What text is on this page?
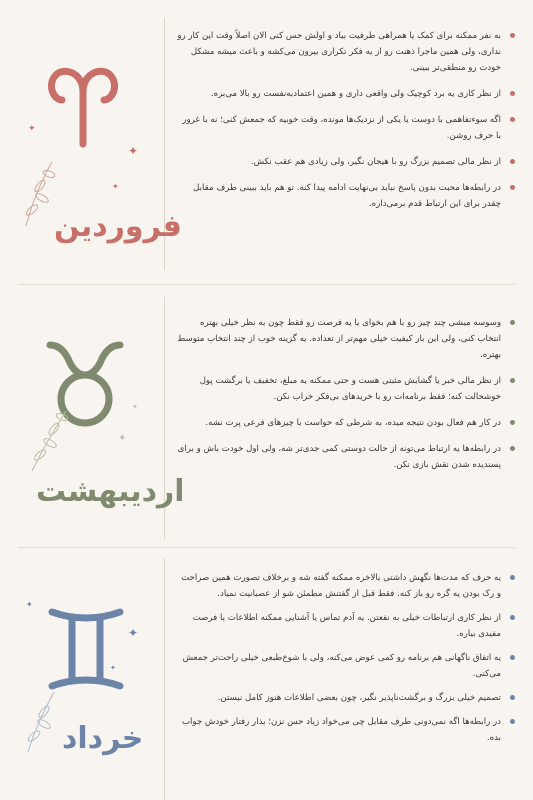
✦
✦
✦
فروردین
به نفر ممکنه برای کمک یا همراهی طرفیت بیاد و اولش حس کنی الان اصلاً وقت این کار رو نداری، ولی همین ماجرا ذهنت رو از یه فکر تکراری بیرون می‌کشه و باعث میشه مشکل خودت رو منطقی‌تر ببینی.
از نظر کاری یه برد کوچیک ولی واقعی داری و همین اعتمادبه‌نفست رو بالا می‌بره.
اگه سوءتفاهمی با دوست یا یکی از نزدیک‌ها مونده، وقت خوبیه که جمعش کنی؛ نه با غرور با حرف روشن.
از نظر مالی تصمیم بزرگ رو با هیجان نگیر، ولی زیادی هم عقب نکش.
در رابطه‌ها محبت بدون پاسخ نباید بی‌نهایت ادامه پیدا کنه. تو هم باید ببینی طرف مقابل چقدر برای این ارتباط قدم برمی‌داره.
✦
✦
اردیبهشت
وسوسه میشی چند چیز رو با هم بخوای یا یه فرصت رو فقط چون به نظر خیلی بهتره انتخاب کنی، ولی این بار کیفیت خیلی مهم‌تر از تعداده. یه گزینه خوب از چند انتخاب متوسط بهتره.
از نظر مالی خبر یا گشایش مثبتی هست و حتی ممکنه یه مبلغ، تخفیف یا برگشت پول خوشحالت کنه؛ فقط برنامه‌ات رو با خریدهای بی‌فکر خراب نکن.
در کار هم فعال بودن نتیجه میده، به شرطی که حواست با چیزهای فرعی پرت نشه.
در رابطه‌ها یه ارتباط می‌تونه از حالت دوستی کمی جدی‌تر شه، ولی اول خودت باش و برای پسندیده شدن نقش بازی نکن.
✦
✦
✦
خرداد
یه حرف که مدت‌ها نگهش داشتی بالاخره ممکنه گفته شه و برخلاف تصورت همین صراحت و رک بودن یه گره رو باز کنه. فقط قبل از گفتنش مطمئن شو از عصبانیت نمیاد.
از نظر کاری ارتباطات خیلی به نفعتن. یه آدم تماس یا آشنایی ممکنه اطلاعات یا فرصت مفیدی بیاره.
یه اتفاق ناگهانی هم برنامه رو کمی عوض می‌کنه، ولی با شوخ‌طبعی خیلی راحت‌تر جمعش می‌کنی.
تصمیم خیلی بزرگ و برگشت‌ناپذیر نگیر، چون بعضی اطلاعات هنوز کامل نیستن.
در رابطه‌ها اگه نمی‌دونی طرف مقابل چی می‌خواد زیاد حس نزن؛ بذار رفتار خودش جواب بده.
